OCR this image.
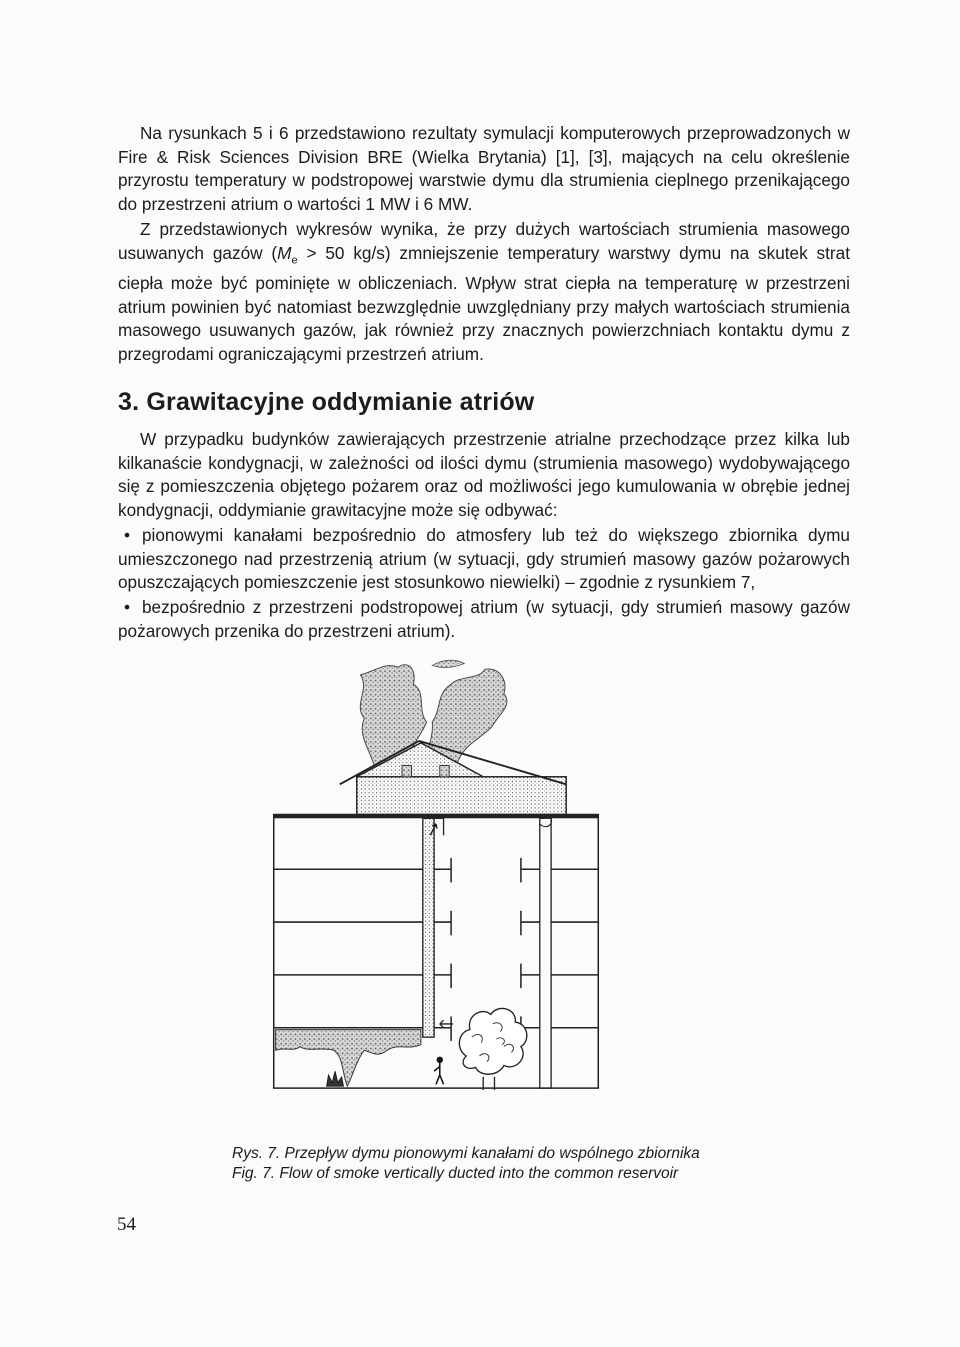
Na rysunkach 5 i 6 przedstawiono rezultaty symulacji komputerowych przeprowadzonych w Fire & Risk Sciences Division BRE (Wielka Brytania) [1], [3], mających na celu określenie przyrostu temperatury w podstropowej warstwie dymu dla strumienia cieplnego przenikającego do przestrzeni atrium o wartości 1 MW i 6 MW.

Z przedstawionych wykresów wynika, że przy dużych wartościach strumienia masowego usuwanych gazów ($M_e > 50$ kg/s) zmniejszenie temperatury warstwy dymu na skutek strat ciepła może być pominięte w obliczeniach. Wpływ strat ciepła na temperaturę w przestrzeni atrium powinien być natomiast bezwzględnie uwzględniany przy małych wartościach strumienia masowego usuwanych gazów, jak również przy znacznych powierzchniach kontaktu dymu z przegrodami ograniczającymi przestrzeń atrium.

3. Grawitacyjne oddymianie atriów

W przypadku budynków zawierających przestrzenie atrialne przechodzące przez kilka lub kilkanaście kondygnacji, w zależności od ilości dymu (strumienia masowego) wydobywającego się z pomieszczenia objętego pożarem oraz od możliwości jego kumulowania w obrębie jednej kondygnacji, oddymianie grawitacyjne może się odbywać:

• pionowymi kanałami bezpośrednio do atmosfery lub też do większego zbiornika dymu umieszczonego nad przestrzenią atrium (w sytuacji, gdy strumień masowy gazów pożarowych opuszczających pomieszczenie jest stosunkowo niewielki) – zgodnie z rysunkiem 7,

• bezpośrednio z przestrzeni podstropowej atrium (w sytuacji, gdy strumień masowy gazów pożarowych przenika do przestrzeni atrium).

Rys. 7. Przepływ dymu pionowymi kanałami do wspólnego zbiornika

Fig. 7. Flow of smoke vertically ducted into the common reservoir

54
